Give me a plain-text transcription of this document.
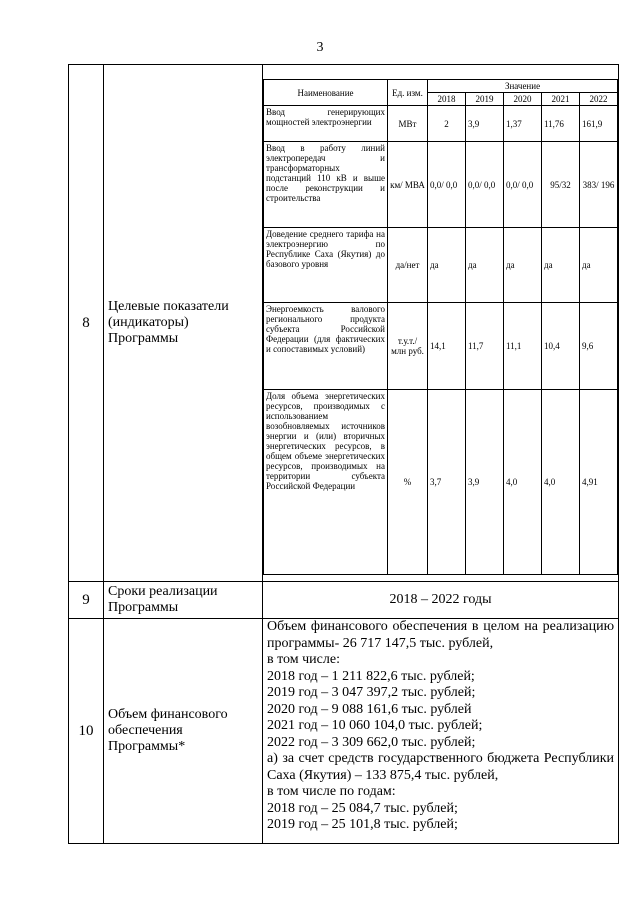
3
8	Целевые показатели (индикаторы) Программы	
Наименование	Ед. изм.	Значение
2018	2019	2020	2021	2022
Ввод генерирующих мощностей электроэнергии	МВт	2	3,9	1,37	11,76	161,9
Ввод в работу линий электропередач и трансформаторных подстанций 110 кВ и выше после реконструкции и строительства	км/ МВА	0,0/ 0,0	0,0/ 0,0	0,0/ 0,0	95/32	383/ 196
Доведение среднего тарифа на электроэнергию по Республике Саха (Якутия) до базового уровня	да/нет	да	да	да	да	да
Энергоемкость валового регионального продукта субъекта Российской Федерации (для фактических и сопоставимых условий)	т.у.т./ млн руб.	14,1	11,7	11,1	10,4	9,6
Доля объема энергетических ресурсов, производимых с использованием возобновляемых источников энергии и (или) вторичных энергетических ресурсов, в общем объеме энергетических ресурсов, производимых на территории субъекта Российской Федерации	%	3,7	3,9	4,0	4,0	4,91

9	Сроки реализации Программы	2018 – 2022 годы
10	Объем финансового обеспечения Программы*	
Объем финансового обеспечения в целом на реализацию программы- 26 717 147,5 тыс. рублей,
в том числе:
2018 год – 1 211 822,6 тыс. рублей;
2019 год – 3 047 397,2 тыс. рублей;
2020 год – 9 088 161,6 тыс. рублей
2021 год – 10 060 104,0 тыс. рублей;
2022 год – 3 309 662,0 тыс. рублей;
а) за счет средств государственного бюджета Республики Саха (Якутия) – 133 875,4 тыс. рублей,
в том числе по годам:
2018 год – 25 084,7 тыс. рублей;
2019 год – 25 101,8 тыс. рублей;
